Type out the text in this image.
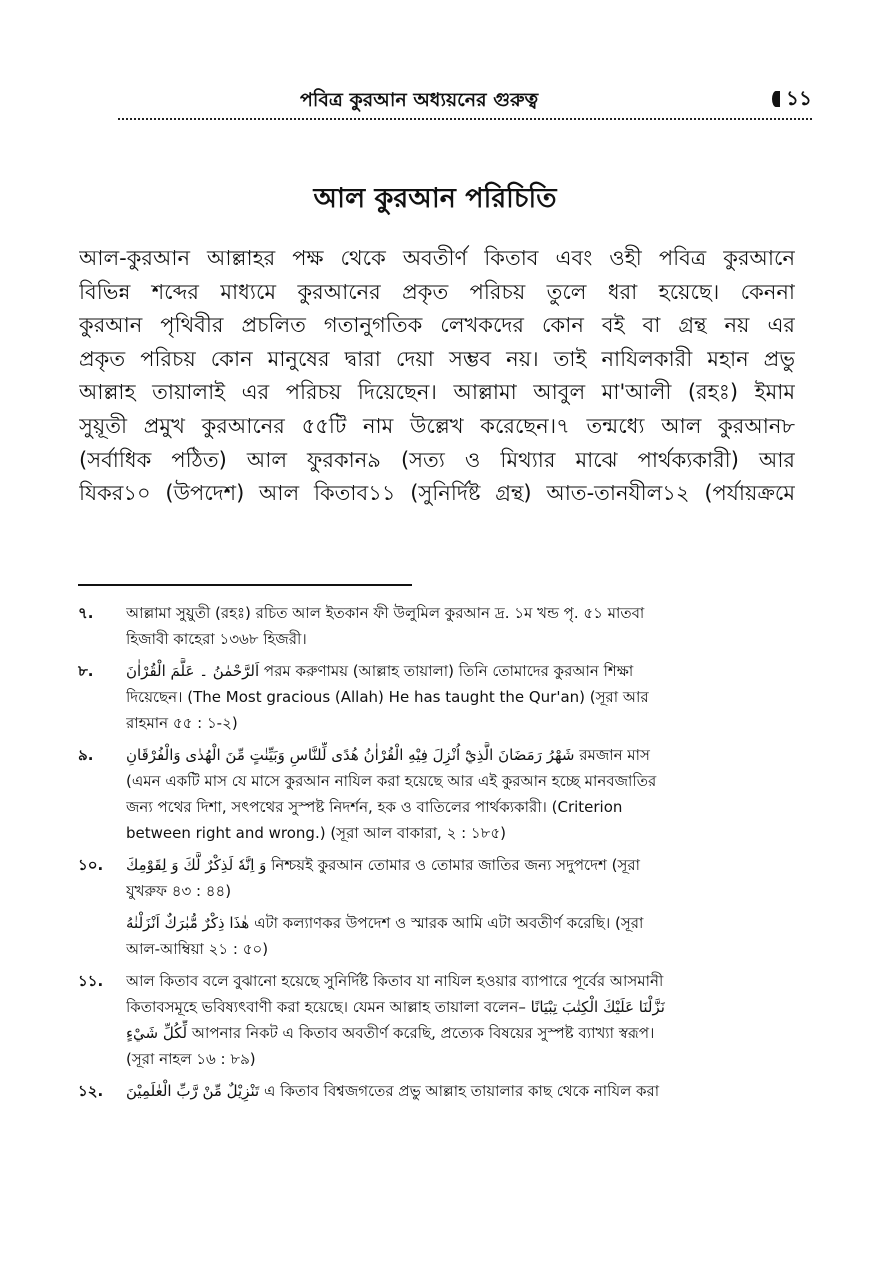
পবিত্র কুরআন অধ্যয়নের গুরুত্ব	১১
আল কুরআন পরিচিতি
আল-কুরআন আল্লাহর পক্ষ থেকে অবতীর্ণ কিতাব এবং ওহী পবিত্র কুরআনে
বিভিন্ন শব্দের মাধ্যমে কুরআনের প্রকৃত পরিচয় তুলে ধরা হয়েছে। কেননা
কুরআন পৃথিবীর প্রচলিত গতানুগতিক লেখকদের কোন বই বা গ্রন্থ নয় এর
প্রকৃত পরিচয় কোন মানুষের দ্বারা দেয়া সম্ভব নয়। তাই নাযিলকারী মহান প্রভু
আল্লাহ তায়ালাই এর পরিচয় দিয়েছেন। আল্লামা আবুল মা'আলী (রহঃ) ইমাম
সুয়ূতী প্রমুখ কুরআনের ৫৫টি নাম উল্লেখ করেছেন।৭ তন্মধ্যে আল কুরআন৮
(সর্বাধিক পঠিত) আল ফুরকান৯ (সত্য ও মিথ্যার মাঝে পার্থক্যকারী) আর
যিকর১০ (উপদেশ) আল কিতাব১১ (সুনির্দিষ্ট গ্রন্থ) আত-তানযীল১২ (পর্যায়ক্রমে
৭. আল্লামা সুয়ুতী (রহঃ) রচিত আল ইতকান ফী উলুমিল কুরআন দ্র. ১ম খন্ড পৃ. ৫১ মাতবা
হিজাবী কাহেরা ১৩৬৮ হিজরী।
৮. اَلرَّحْمٰنُ ۔ عَلَّمَ الْقُرْاٰنَ পরম করুণাময় (আল্লাহ তায়ালা) তিনি তোমাদের কুরআন শিক্ষা
দিয়েছেন। (The Most gracious (Allah) He has taught the Qur'an) (সূরা আর
রাহমান ৫৫ : ১-২)
৯. شَهْرُ رَمَضَانَ الَّذِيْٓ اُنْزِلَ فِيْهِ الْقُرْاٰنُ هُدًى لِّلنَّاسِ وَبَيِّنٰتٍ مِّنَ الْهُدٰى وَالْفُرْقَانِ রমজান মাস
(এমন একটি মাস যে মাসে কুরআন নাযিল করা হয়েছে আর এই কুরআন হচ্ছে মানবজাতির
জন্য পথের দিশা, সৎপথের সুস্পষ্ট নিদর্শন, হক ও বাতিলের পার্থক্যকারী। (Criterion
between right and wrong.) (সূরা আল বাকারা, ২ : ১৮৫)
১০. وَ اِنَّهٗ لَذِكْرٌ لَّكَ وَ لِقَوْمِكَ নিশ্চয়ই কুরআন তোমার ও তোমার জাতির জন্য সদুপদেশ (সূরা
যুখরুফ ৪৩ : ৪৪)
هٰذَا ذِكْرٌ مُّبٰرَكٌ اَنْزَلْنٰهُ এটা কল্যাণকর উপদেশ ও স্মারক আমি এটা অবতীর্ণ করেছি। (সূরা
আল-আম্বিয়া ২১ : ৫০)
১১. আল কিতাব বলে বুঝানো হয়েছে সুনির্দিষ্ট কিতাব যা নাযিল হওয়ার ব্যাপারে পূর্বের আসমানী
কিতাবসমূহে ভবিষ্যৎবাণী করা হয়েছে। যেমন আল্লাহ তায়ালা বলেন– نَزَّلْنَا عَلَيْكَ الْكِتٰبَ تِبْيَانًا
لِّكُلِّ شَيْءٍ আপনার নিকট এ কিতাব অবতীর্ণ করেছি, প্রত্যেক বিষয়ের সুস্পষ্ট ব্যাখ্যা স্বরূপ।
(সূরা নাহল ১৬ : ৮৯)
১২. تَنْزِيْلٌ مِّنْ رَّبِّ الْعٰلَمِيْنَ এ কিতাব বিশ্বজগতের প্রভু আল্লাহ তায়ালার কাছ থেকে নাযিল করা
